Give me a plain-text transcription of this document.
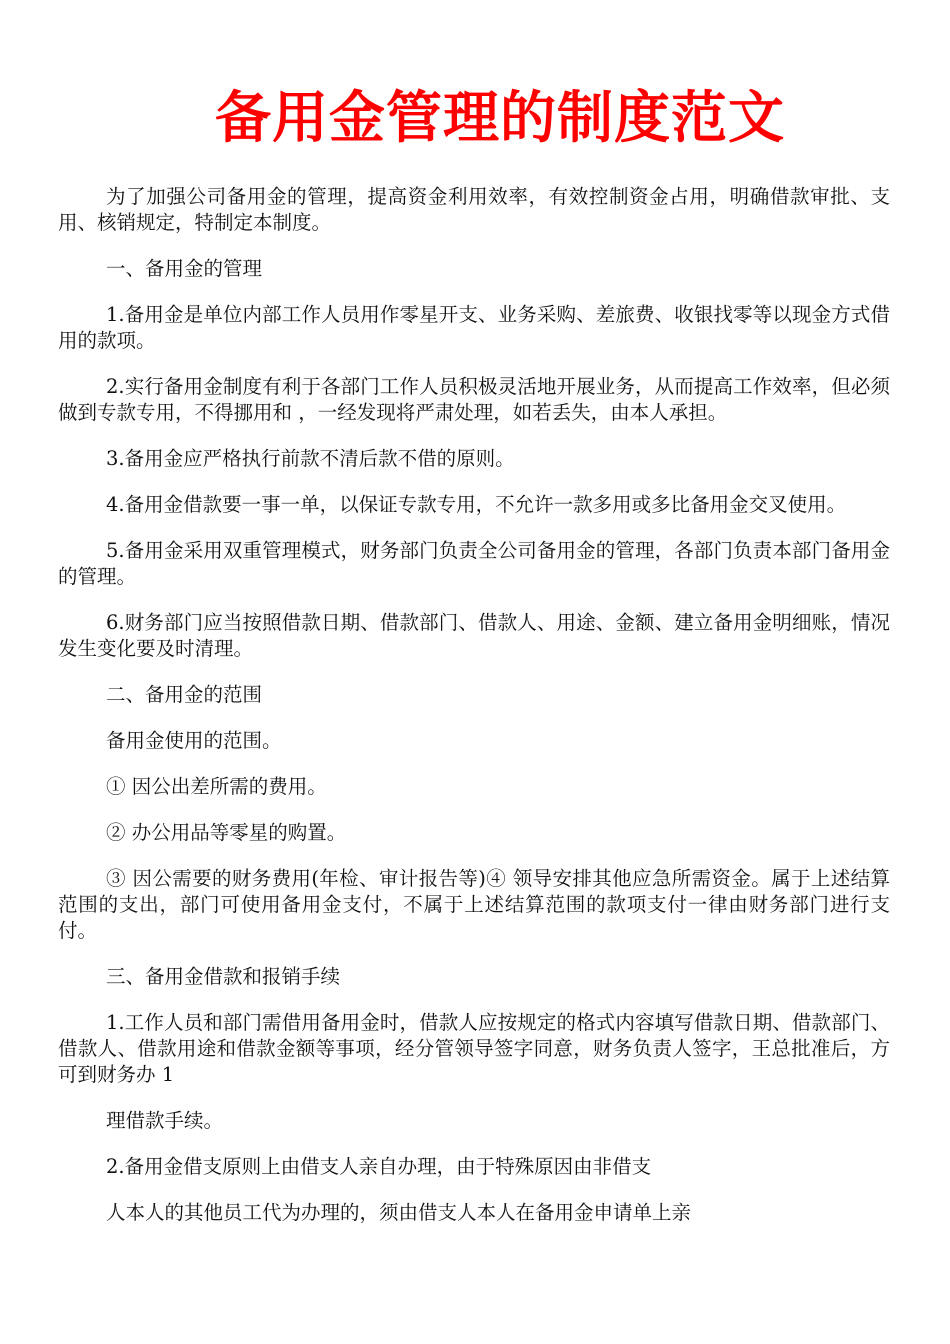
备用金管理的制度范文

为了加强公司备用金的管理，提高资金利用效率，有效控制资金占用，明确借款审批、支用、核销规定，特制定本制度。

一、备用金的管理

1.备用金是单位内部工作人员用作零星开支、业务采购、差旅费、收银找零等以现金方式借用的款项。

2.实行备用金制度有利于各部门工作人员积极灵活地开展业务，从而提高工作效率，但必须做到专款专用，不得挪用和 ，一经发现将严肃处理，如若丢失，由本人承担。

3.备用金应严格执行前款不清后款不借的原则。

4.备用金借款要一事一单，以保证专款专用，不允许一款多用或多比备用金交叉使用。

5.备用金采用双重管理模式，财务部门负责全公司备用金的管理，各部门负责本部门备用金的管理。

6.财务部门应当按照借款日期、借款部门、借款人、用途、金额、建立备用金明细账，情况发生变化要及时清理。

二、备用金的范围

备用金使用的范围。

① 因公出差所需的费用。

② 办公用品等零星的购置。

③ 因公需要的财务费用(年检、审计报告等)④ 领导安排其他应急所需资金。属于上述结算范围的支出，部门可使用备用金支付，不属于上述结算范围的款项支付一律由财务部门进行支付。

三、备用金借款和报销手续

1.工作人员和部门需借用备用金时，借款人应按规定的格式内容填写借款日期、借款部门、借款人、借款用途和借款金额等事项，经分管领导签字同意，财务负责人签字，王总批准后，方可到财务办 1

理借款手续。

2.备用金借支原则上由借支人亲自办理，由于特殊原因由非借支

人本人的其他员工代为办理的，须由借支人本人在备用金申请单上亲
